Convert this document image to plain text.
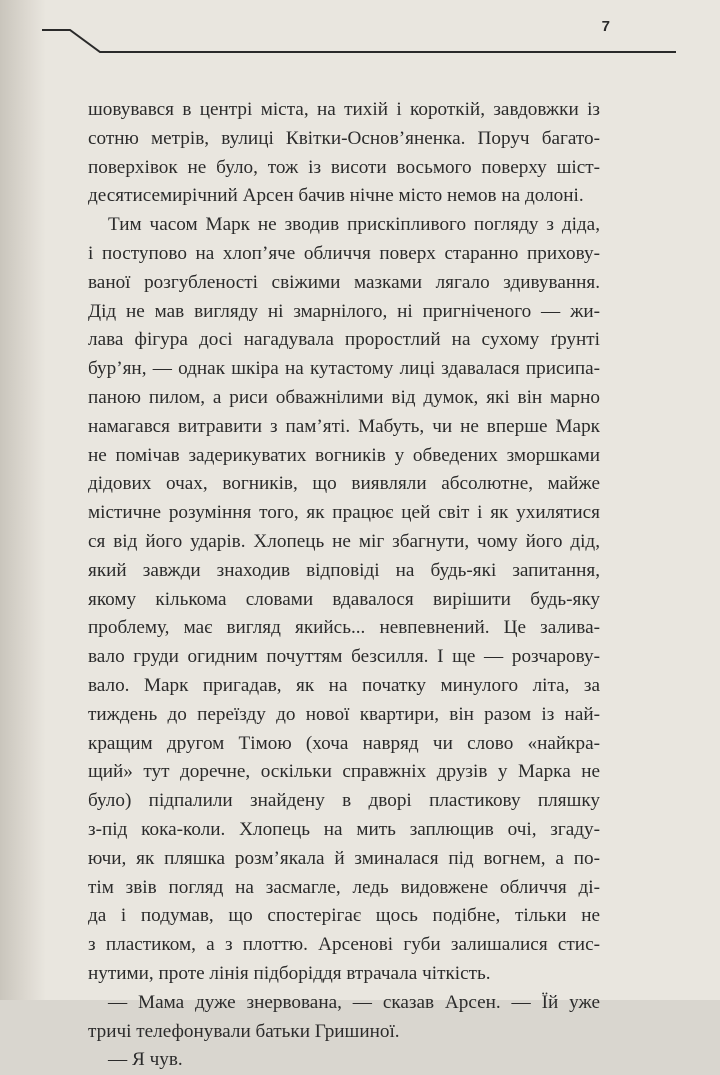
7
шовувався в центрі міста, на тихій і короткій, завдовжки із
сотню метрів, вулиці Квітки-Основ’яненка. Поруч багато-
поверхівок не було, тож із висоти восьмого поверху шіст-
десятисемирічний Арсен бачив нічне місто немов на долоні.
Тим часом Марк не зводив прискіпливого погляду з діда,
і поступово на хлоп’яче обличчя поверх старанно прихову-
ваної розгубленості свіжими мазками лягало здивування.
Дід не мав вигляду ні змарнілого, ні пригніченого — жи-
лава фігура досі нагадувала проростлий на сухому ґрунті
бур’ян, — однак шкіра на кутастому лиці здавалася присипа-
паною пилом, а риси обважнілими від думок, які він марно
намагався витравити з пам’яті. Мабуть, чи не вперше Марк
не помічав задерикуватих вогників у обведених зморшками
дідових очах, вогників, що виявляли абсолютне, майже
містичне розуміння того, як працює цей світ і як ухилятися
ся від його ударів. Хлопець не міг збагнути, чому його дід,
який завжди знаходив відповіді на будь-які запитання,
якому кількома словами вдавалося вирішити будь-яку
проблему, має вигляд якийсь... невпевнений. Це залива-
вало груди огидним почуттям безсилля. І ще — розчарову-
вало. Марк пригадав, як на початку минулого літа, за
тиждень до переїзду до нової квартири, він разом із най-
кращим другом Тімою (хоча навряд чи слово «найкра-
щий» тут доречне, оскільки справжніх друзів у Марка не
було) підпалили знайдену в дворі пластикову пляшку
з-під кока-коли. Хлопець на мить заплющив очі, згаду-
ючи, як пляшка розм’якала й зминалася під вогнем, а по-
тім звів погляд на засмагле, ледь видовжене обличчя ді-
да і подумав, що спостерігає щось подібне, тільки не
з пластиком, а з плоттю. Арсенові губи залишалися стис-
нутими, проте лінія підборіддя втрачала чіткість.
— Мама дуже знервована, — сказав Арсен. — Їй уже
тричі телефонували батьки Гришиної.
— Я чув.
